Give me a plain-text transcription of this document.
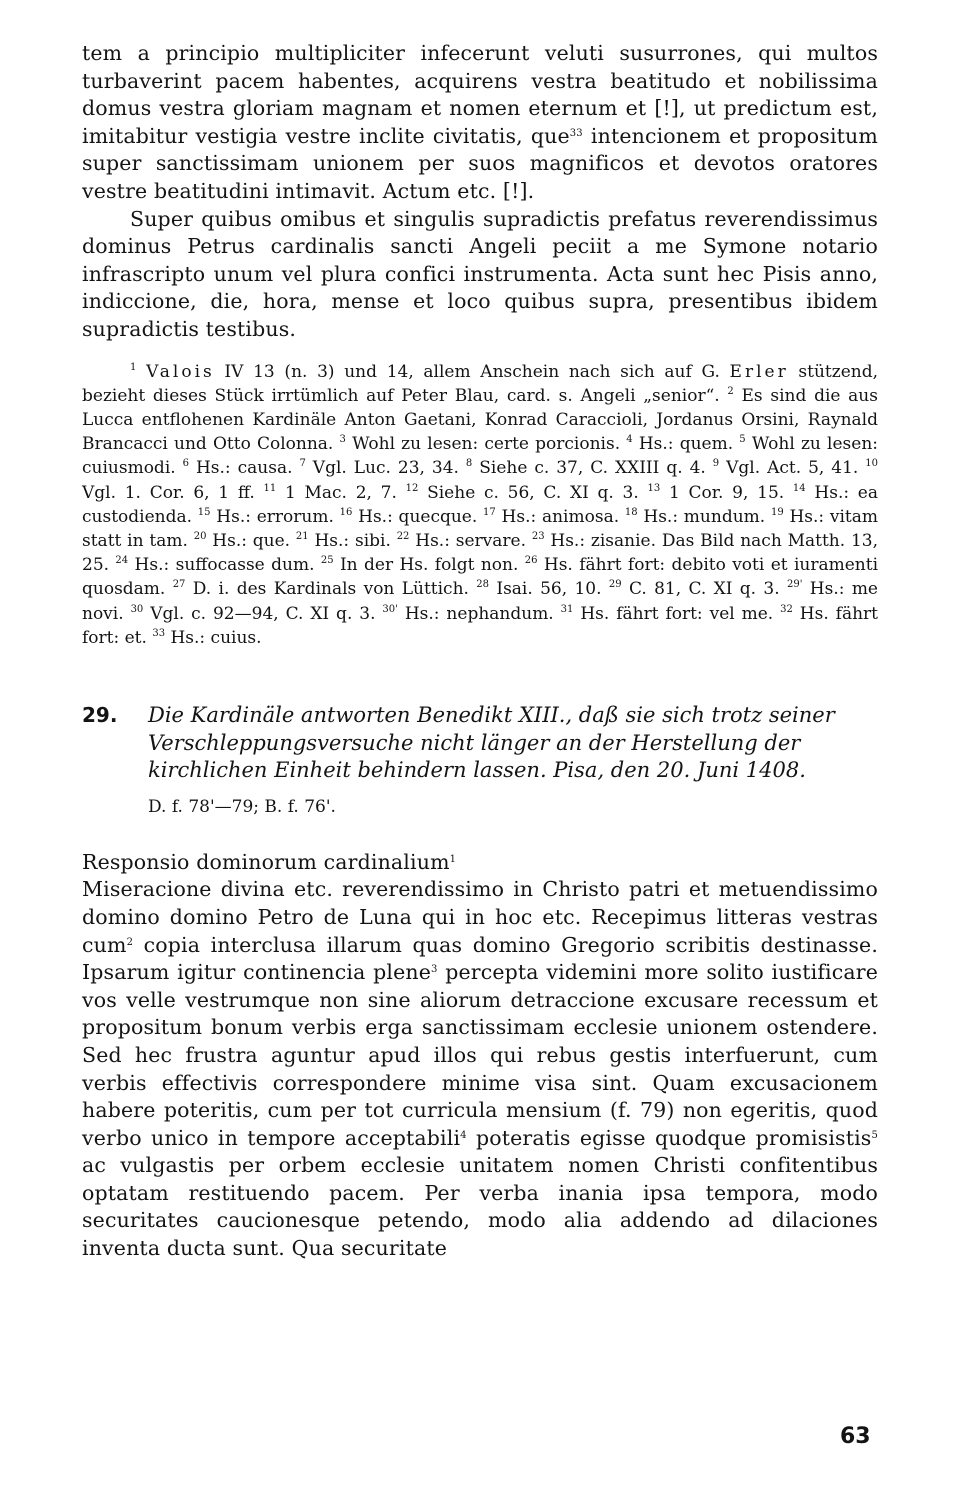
tem a principio multipliciter infecerunt veluti susurrones, qui multos turbaverint pacem habentes, acquirens vestra beatitudo et nobilissima domus vestra gloriam magnam et nomen eternum et [!], ut predictum est, imitabitur vestigia vestre inclite civitatis, que$^{33}$ intencionem et propositum super sanctissimam unionem per suos magnificos et devotos oratores vestre beatitudini intimavit. Actum etc. [!].

Super quibus omibus et singulis supradictis prefatus reverendissimus dominus Petrus cardinalis sancti Angeli peciit a me Symone notario infrascripto unum vel plura confici instrumenta. Acta sunt hec Pisis anno, indiccione, die, hora, mense et loco quibus supra, presentibus ibidem supradictis testibus.

$^1$ Valois IV 13 (n. 3) und 14, allem Anschein nach sich auf G. Erler stützend, bezieht dieses Stück irrtümlich auf Peter Blau, card. s. Angeli „senior“. $^2$ Es sind die aus Lucca entflohenen Kardinäle Anton Gaetani, Konrad Caraccioli, Jordanus Orsini, Raynald Brancacci und Otto Colonna. $^3$ Wohl zu lesen: certe porcionis. $^4$ Hs.: quem. $^5$ Wohl zu lesen: cuiusmodi. $^6$ Hs.: causa. $^7$ Vgl. Luc. 23, 34. $^8$ Siehe c. 37, C. XXIII q. 4. $^9$ Vgl. Act. 5, 41. $^{10}$ Vgl. 1. Cor. 6, 1 ff. $^{11}$ 1 Mac. 2, 7. $^{12}$ Siehe c. 56, C. XI q. 3. $^{13}$ 1 Cor. 9, 15. $^{14}$ Hs.: ea custodienda. $^{15}$ Hs.: errorum. $^{16}$ Hs.: quecque. $^{17}$ Hs.: animosa. $^{18}$ Hs.: mundum. $^{19}$ Hs.: vitam statt in tam. $^{20}$ Hs.: que. $^{21}$ Hs.: sibi. $^{22}$ Hs.: servare. $^{23}$ Hs.: zisanie. Das Bild nach Matth. 13, 25. $^{24}$ Hs.: suffocasse dum. $^{25}$ In der Hs. folgt non. $^{26}$ Hs. fährt fort: debito voti et iuramenti quosdam. $^{27}$ D. i. des Kardinals von Lüttich. $^{28}$ Isai. 56, 10. $^{29}$ C. 81, C. XI q. 3. $^{29'}$ Hs.: me novi. $^{30}$ Vgl. c. 92—94, C. XI q. 3. $^{30'}$ Hs.: nephandum. $^{31}$ Hs. fährt fort: vel me. $^{32}$ Hs. fährt fort: et. $^{33}$ Hs.: cuius.

29.	Die Kardinäle antworten Benedikt XIII., daß sie sich trotz seiner Verschleppungsversuche nicht länger an der Herstellung der kirchlichen Einheit behindern lassen. Pisa, den 20. Juni 1408.
D. f. 78'—79; B. f. 76'.

Responsio dominorum cardinalium$^1$

Miseracione divina etc. reverendissimo in Christo patri et metuendissimo domino domino Petro de Luna qui in hoc etc. Recepimus litteras vestras cum$^2$ copia interclusa illarum quas domino Gregorio scribitis destinasse. Ipsarum igitur continencia plene$^3$ percepta videmini more solito iustificare vos velle vestrumque non sine aliorum detraccione excusare recessum et propositum bonum verbis erga sanctissimam ecclesie unionem ostendere. Sed hec frustra aguntur apud illos qui rebus gestis interfuerunt, cum verbis effectivis correspondere minime visa sint. Quam excusacionem habere poteritis, cum per tot curricula mensium (f. 79) non egeritis, quod verbo unico in tempore acceptabili$^4$ poteratis egisse quodque promisistis$^5$ ac vulgastis per orbem ecclesie unitatem nomen Christi confitentibus optatam restituendo pacem. Per verba inania ipsa tempora, modo securitates caucionesque petendo, modo alia addendo ad dilaciones inventa ducta sunt. Qua securitate

63
